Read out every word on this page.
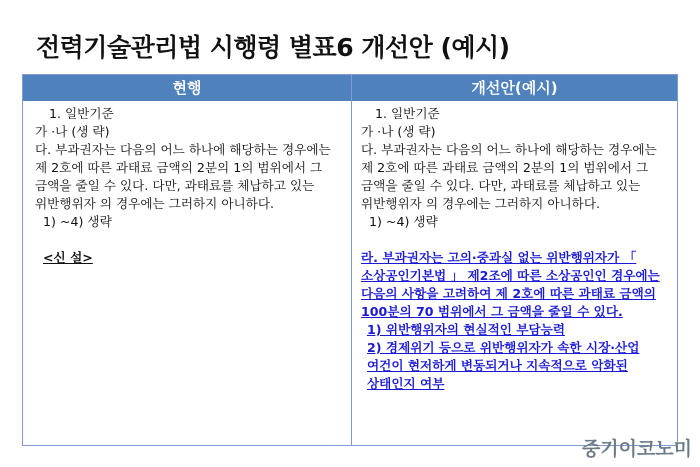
전력기술관리법 시행령 별표6 개선안 (예시)
현행
1. 일반기준
가 ·나 (생 략)
다. 부과권자는 다음의 어느 하나에 해당하는 경우에는 제 2호에 따른 과태료 금액의 2분의 1의 범위에서 그 금액을 줄일 수 있다. 다만, 과태료를 체납하고 있는 위반행위자 의 경우에는 그러하지 아니하다.
1) ~4) 생략
<신 설>
개선안(예시)
1. 일반기준
가 ·나 (생 략)
다. 부과권자는 다음의 어느 하나에 해당하는 경우에는 제 2호에 따른 과태료 금액의 2분의 1의 범위에서 그 금액을 줄일 수 있다. 다만, 과태료를 체납하고 있는 위반행위자 의 경우에는 그러하지 아니하다.
1) ~4) 생략
라. 부과권자는 고의·중과실 없는 위반행위자가 「 소상공인기본법 」 제2조에 따른 소상공인인 경우에는 다음의 사항을 고려하여 제 2호에 따른 과태료 금액의 100분의 70 범위에서 그 금액을 줄일 수 있다.
1) 위반행위자의 현실적인 부담능력
2) 경제위기 등으로 위반행위자가 속한 시장·산업 여건이 현저하게 변동되거나 지속적으로 악화된 상태인지 여부
중기이코노미
